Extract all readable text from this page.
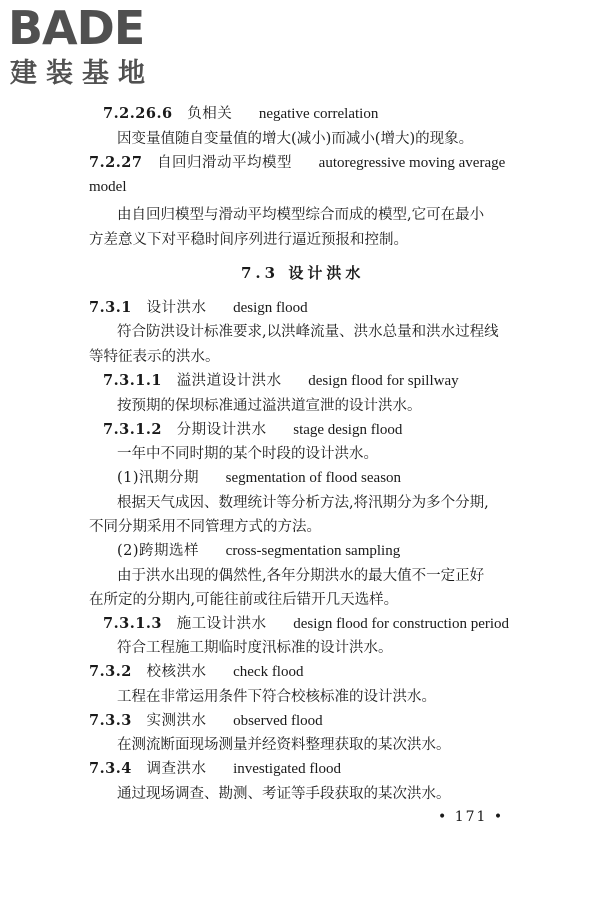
BADE
建装基地
7.2.26.6 负相关 negative correlation
因变量值随自变量值的增大(减小)而减小(增大)的现象。
7.2.27 自回归滑动平均模型 autoregressive moving average
model
由自回归模型与滑动平均模型综合而成的模型,它可在最小
方差意义下对平稳时间序列进行逼近预报和控制。
7.3 设计洪水
7.3.1 设计洪水 design flood
符合防洪设计标准要求,以洪峰流量、洪水总量和洪水过程线
等特征表示的洪水。
7.3.1.1 溢洪道设计洪水 design flood for spillway
按预期的保坝标准通过溢洪道宣泄的设计洪水。
7.3.1.2 分期设计洪水 stage design flood
一年中不同时期的某个时段的设计洪水。
(1)汛期分期 segmentation of flood season
根据天气成因、数理统计等分析方法,将汛期分为多个分期,
不同分期采用不同管理方式的方法。
(2)跨期选样 cross-segmentation sampling
由于洪水出现的偶然性,各年分期洪水的最大值不一定正好
在所定的分期内,可能往前或往后错开几天选样。
7.3.1.3 施工设计洪水 design flood for construction period
符合工程施工期临时度汛标准的设计洪水。
7.3.2 校核洪水 check flood
工程在非常运用条件下符合校核标准的设计洪水。
7.3.3 实测洪水 observed flood
在测流断面现场测量并经资料整理获取的某次洪水。
7.3.4 调查洪水 investigated flood
通过现场调查、勘测、考证等手段获取的某次洪水。
• 171 •
